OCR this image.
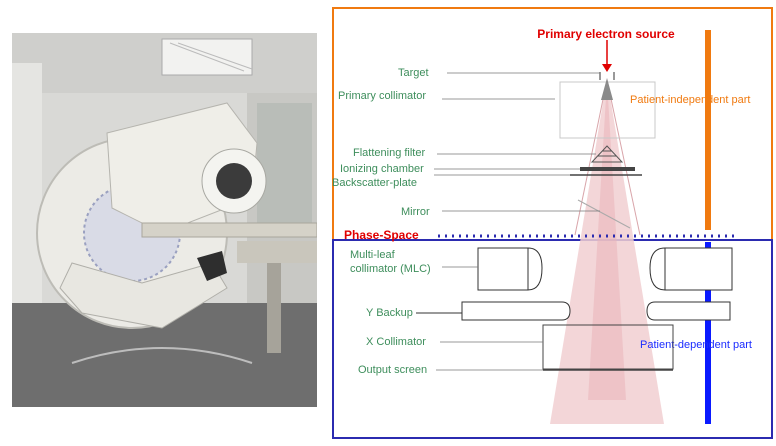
Primary electron source
Phase-Space
Patient-independent part
Patient-dependent part
Target
Primary collimator
Flattening filter
Ionizing chamber
Backscatter-plate
Mirror
Multi-leaf
collimator (MLC)
Y Backup
X Collimator
Output screen
